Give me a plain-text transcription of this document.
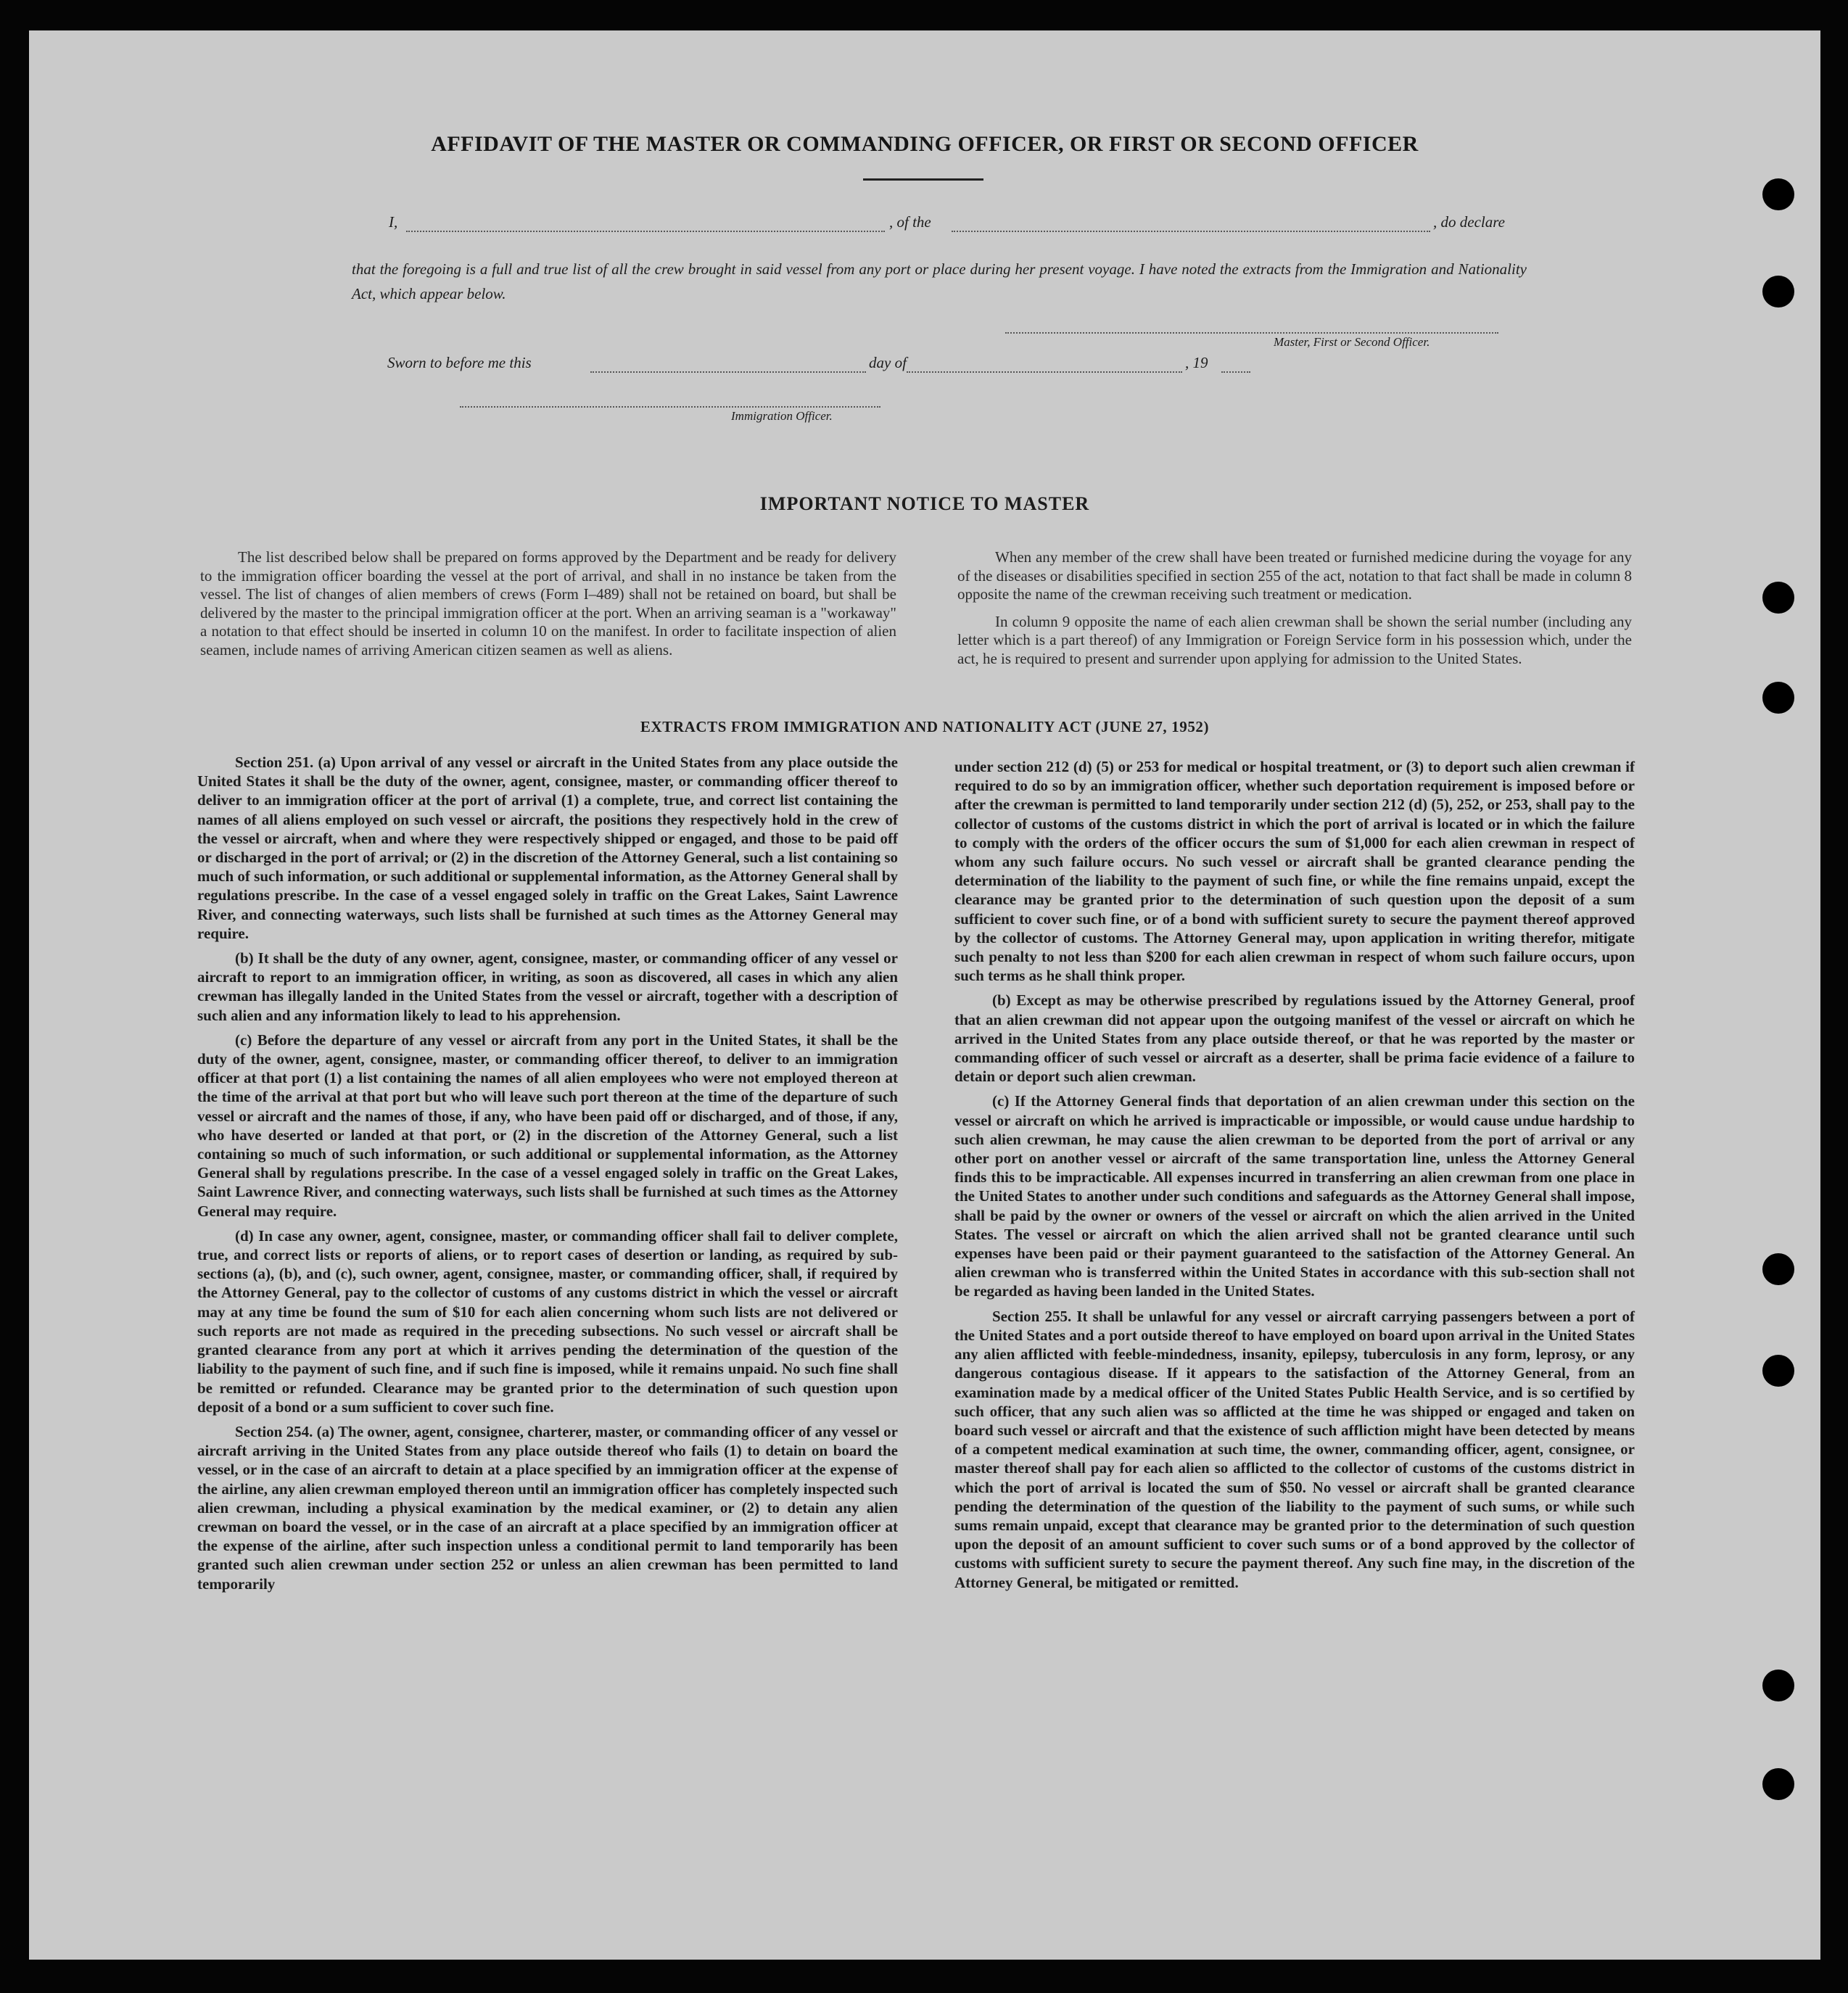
AFFIDAVIT OF THE MASTER OR COMMANDING OFFICER, OR FIRST OR SECOND OFFICER
I,	, of the	, do declare
that the foregoing is a full and true list of all the crew brought in said vessel from any port or place during her present voyage. I have noted the extracts from the Immigration and Nationality Act, which appear below.
Master, First or Second Officer.
Sworn to before me this	day of	, 19
Immigration Officer.
IMPORTANT NOTICE TO MASTER

The list described below shall be prepared on forms approved by the Department and be ready for delivery to the immigration officer boarding the vessel at the port of arrival, and shall in no instance be taken from the vessel. The list of changes of alien members of crews (Form I–489) shall not be retained on board, but shall be delivered by the master to the principal immigration officer at the port. When an arriving seaman is a "workaway" a notation to that effect should be inserted in column 10 on the manifest. In order to facilitate inspection of alien seamen, include names of arriving American citizen seamen as well as aliens.

When any member of the crew shall have been treated or furnished medicine during the voyage for any of the diseases or disabilities specified in section 255 of the act, notation to that fact shall be made in column 8 opposite the name of the crewman receiving such treatment or medication.

In column 9 opposite the name of each alien crewman shall be shown the serial number (including any letter which is a part thereof) of any Immigration or Foreign Service form in his possession which, under the act, he is required to present and surrender upon applying for admission to the United States.

EXTRACTS FROM IMMIGRATION AND NATIONALITY ACT (JUNE 27, 1952)

Section 251. (a) Upon arrival of any vessel or aircraft in the United States from any place outside the United States it shall be the duty of the owner, agent, consignee, master, or commanding officer thereof to deliver to an immigration officer at the port of arrival (1) a complete, true, and correct list containing the names of all aliens employed on such vessel or aircraft, the positions they respectively hold in the crew of the vessel or aircraft, when and where they were respectively shipped or engaged, and those to be paid off or discharged in the port of arrival; or (2) in the discretion of the Attorney General, such a list containing so much of such information, or such additional or supplemental information, as the Attorney General shall by regulations prescribe. In the case of a vessel engaged solely in traffic on the Great Lakes, Saint Lawrence River, and connecting waterways, such lists shall be furnished at such times as the Attorney General may require.

(b) It shall be the duty of any owner, agent, consignee, master, or commanding officer of any vessel or aircraft to report to an immigration officer, in writing, as soon as discovered, all cases in which any alien crewman has illegally landed in the United States from the vessel or aircraft, together with a description of such alien and any information likely to lead to his apprehension.

(c) Before the departure of any vessel or aircraft from any port in the United States, it shall be the duty of the owner, agent, consignee, master, or commanding officer thereof, to deliver to an immigration officer at that port (1) a list containing the names of all alien employees who were not employed thereon at the time of the arrival at that port but who will leave such port thereon at the time of the departure of such vessel or aircraft and the names of those, if any, who have been paid off or discharged, and of those, if any, who have deserted or landed at that port, or (2) in the discretion of the Attorney General, such a list containing so much of such information, or such additional or supplemental information, as the Attorney General shall by regulations prescribe. In the case of a vessel engaged solely in traffic on the Great Lakes, Saint Lawrence River, and connecting waterways, such lists shall be furnished at such times as the Attorney General may require.

(d) In case any owner, agent, consignee, master, or commanding officer shall fail to deliver complete, true, and correct lists or reports of aliens, or to report cases of desertion or landing, as required by sub-sections (a), (b), and (c), such owner, agent, consignee, master, or commanding officer, shall, if required by the Attorney General, pay to the collector of customs of any customs district in which the vessel or aircraft may at any time be found the sum of $10 for each alien concerning whom such lists are not delivered or such reports are not made as required in the preceding subsections. No such vessel or aircraft shall be granted clearance from any port at which it arrives pending the determination of the question of the liability to the payment of such fine, and if such fine is imposed, while it remains unpaid. No such fine shall be remitted or refunded. Clearance may be granted prior to the determination of such question upon deposit of a bond or a sum sufficient to cover such fine.

Section 254. (a) The owner, agent, consignee, charterer, master, or commanding officer of any vessel or aircraft arriving in the United States from any place outside thereof who fails (1) to detain on board the vessel, or in the case of an aircraft to detain at a place specified by an immigration officer at the expense of the airline, any alien crewman employed thereon until an immigration officer has completely inspected such alien crewman, including a physical examination by the medical examiner, or (2) to detain any alien crewman on board the vessel, or in the case of an aircraft at a place specified by an immigration officer at the expense of the airline, after such inspection unless a conditional permit to land temporarily has been granted such alien crewman under section 252 or unless an alien crewman has been permitted to land temporarily

under section 212 (d) (5) or 253 for medical or hospital treatment, or (3) to deport such alien crewman if required to do so by an immigration officer, whether such deportation requirement is imposed before or after the crewman is permitted to land temporarily under section 212 (d) (5), 252, or 253, shall pay to the collector of customs of the customs district in which the port of arrival is located or in which the failure to comply with the orders of the officer occurs the sum of $1,000 for each alien crewman in respect of whom any such failure occurs. No such vessel or aircraft shall be granted clearance pending the determination of the liability to the payment of such fine, or while the fine remains unpaid, except the clearance may be granted prior to the determination of such question upon the deposit of a sum sufficient to cover such fine, or of a bond with sufficient surety to secure the payment thereof approved by the collector of customs. The Attorney General may, upon application in writing therefor, mitigate such penalty to not less than $200 for each alien crewman in respect of whom such failure occurs, upon such terms as he shall think proper.

(b) Except as may be otherwise prescribed by regulations issued by the Attorney General, proof that an alien crewman did not appear upon the outgoing manifest of the vessel or aircraft on which he arrived in the United States from any place outside thereof, or that he was reported by the master or commanding officer of such vessel or aircraft as a deserter, shall be prima facie evidence of a failure to detain or deport such alien crewman.

(c) If the Attorney General finds that deportation of an alien crewman under this section on the vessel or aircraft on which he arrived is impracticable or impossible, or would cause undue hardship to such alien crewman, he may cause the alien crewman to be deported from the port of arrival or any other port on another vessel or aircraft of the same transportation line, unless the Attorney General finds this to be impracticable. All expenses incurred in transferring an alien crewman from one place in the United States to another under such conditions and safeguards as the Attorney General shall impose, shall be paid by the owner or owners of the vessel or aircraft on which the alien arrived in the United States. The vessel or aircraft on which the alien arrived shall not be granted clearance until such expenses have been paid or their payment guaranteed to the satisfaction of the Attorney General. An alien crewman who is transferred within the United States in accordance with this sub-section shall not be regarded as having been landed in the United States.

Section 255. It shall be unlawful for any vessel or aircraft carrying passengers between a port of the United States and a port outside thereof to have employed on board upon arrival in the United States any alien afflicted with feeble-mindedness, insanity, epilepsy, tuberculosis in any form, leprosy, or any dangerous contagious disease. If it appears to the satisfaction of the Attorney General, from an examination made by a medical officer of the United States Public Health Service, and is so certified by such officer, that any such alien was so afflicted at the time he was shipped or engaged and taken on board such vessel or aircraft and that the existence of such affliction might have been detected by means of a competent medical examination at such time, the owner, commanding officer, agent, consignee, or master thereof shall pay for each alien so afflicted to the collector of customs of the customs district in which the port of arrival is located the sum of $50. No vessel or aircraft shall be granted clearance pending the determination of the question of the liability to the payment of such sums, or while such sums remain unpaid, except that clearance may be granted prior to the determination of such question upon the deposit of an amount sufficient to cover such sums or of a bond approved by the collector of customs with sufficient surety to secure the payment thereof. Any such fine may, in the discretion of the Attorney General, be mitigated or remitted.
